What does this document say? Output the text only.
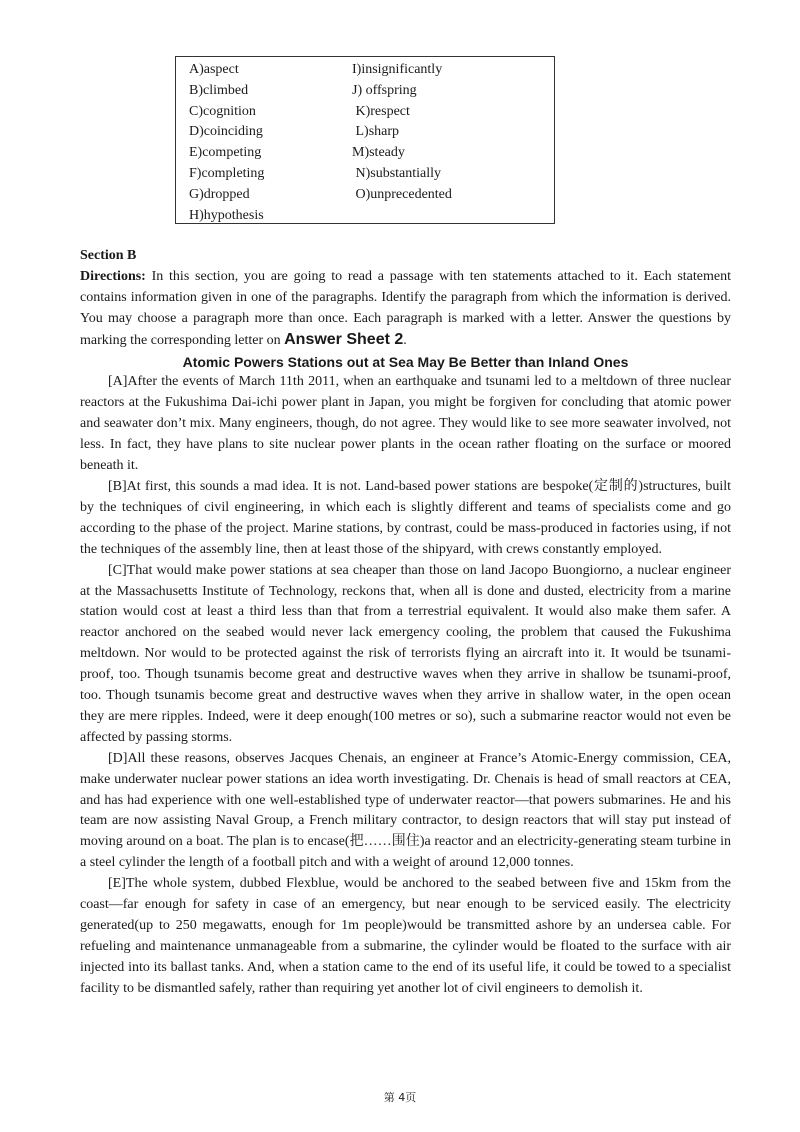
A)aspect
B)climbed
C)cognition
D)coinciding
E)competing
F)completing
G)dropped
H)hypothesis
I)insignificantly
J) offspring
K)respect
L)sharp
M)steady
N)substantially
O)unprecedented

Section B

Directions: In this section, you are going to read a passage with ten statements attached to it. Each statement contains information given in one of the paragraphs. Identify the paragraph from which the information is derived. You may choose a paragraph more than once. Each paragraph is marked with a letter. Answer the questions by marking the corresponding letter on Answer Sheet 2.

Atomic Powers Stations out at Sea May Be Better than Inland Ones

[A]After the events of March 11th 2011, when an earthquake and tsunami led to a meltdown of three nuclear reactors at the Fukushima Dai-ichi power plant in Japan, you might be forgiven for concluding that atomic power and seawater don’t mix. Many engineers, though, do not agree. They would like to see more seawater involved, not less. In fact, they have plans to site nuclear power plants in the ocean rather floating on the surface or moored beneath it.

[B]At first, this sounds a mad idea. It is not. Land-based power stations are bespoke(定制的)structures, built by the techniques of civil engineering, in which each is slightly different and teams of specialists come and go according to the phase of the project. Marine stations, by contrast, could be mass-produced in factories using, if not the techniques of the assembly line, then at least those of the shipyard, with crews constantly employed.

[C]That would make power stations at sea cheaper than those on land Jacopo Buongiorno, a nuclear engineer at the Massachusetts Institute of Technology, reckons that, when all is done and dusted, electricity from a marine station would cost at least a third less than that from a terrestrial equivalent. It would also make them safer. A reactor anchored on the seabed would never lack emergency cooling, the problem that caused the Fukushima meltdown. Nor would to be protected against the risk of terrorists flying an aircraft into it. It would be tsunami-proof, too. Though tsunamis become great and destructive waves when they arrive in shallow be tsunami-proof, too. Though tsunamis become great and destructive waves when they arrive in shallow water, in the open ocean they are mere ripples. Indeed, were it deep enough(100 metres or so), such a submarine reactor would not even be affected by passing storms.

[D]All these reasons, observes Jacques Chenais, an engineer at France’s Atomic-Energy commission, CEA, make underwater nuclear power stations an idea worth investigating. Dr. Chenais is head of small reactors at CEA, and has had experience with one well-established type of underwater reactor—that powers submarines. He and his team are now assisting Naval Group, a French military contractor, to design reactors that will stay put instead of moving around on a boat. The plan is to encase(把……围住)a reactor and an electricity-generating steam turbine in a steel cylinder the length of a football pitch and with a weight of around 12,000 tonnes.

[E]The whole system, dubbed Flexblue, would be anchored to the seabed between five and 15km from the coast—far enough for safety in case of an emergency, but near enough to be serviced easily. The electricity generated(up to 250 megawatts, enough for 1m people)would be transmitted ashore by an undersea cable. For refueling and maintenance unmanageable from a submarine, the cylinder would be floated to the surface with air injected into its ballast tanks. And, when a station came to the end of its useful life, it could be towed to a specialist facility to be dismantled safely, rather than requiring yet another lot of civil engineers to demolish it.

第 4页
